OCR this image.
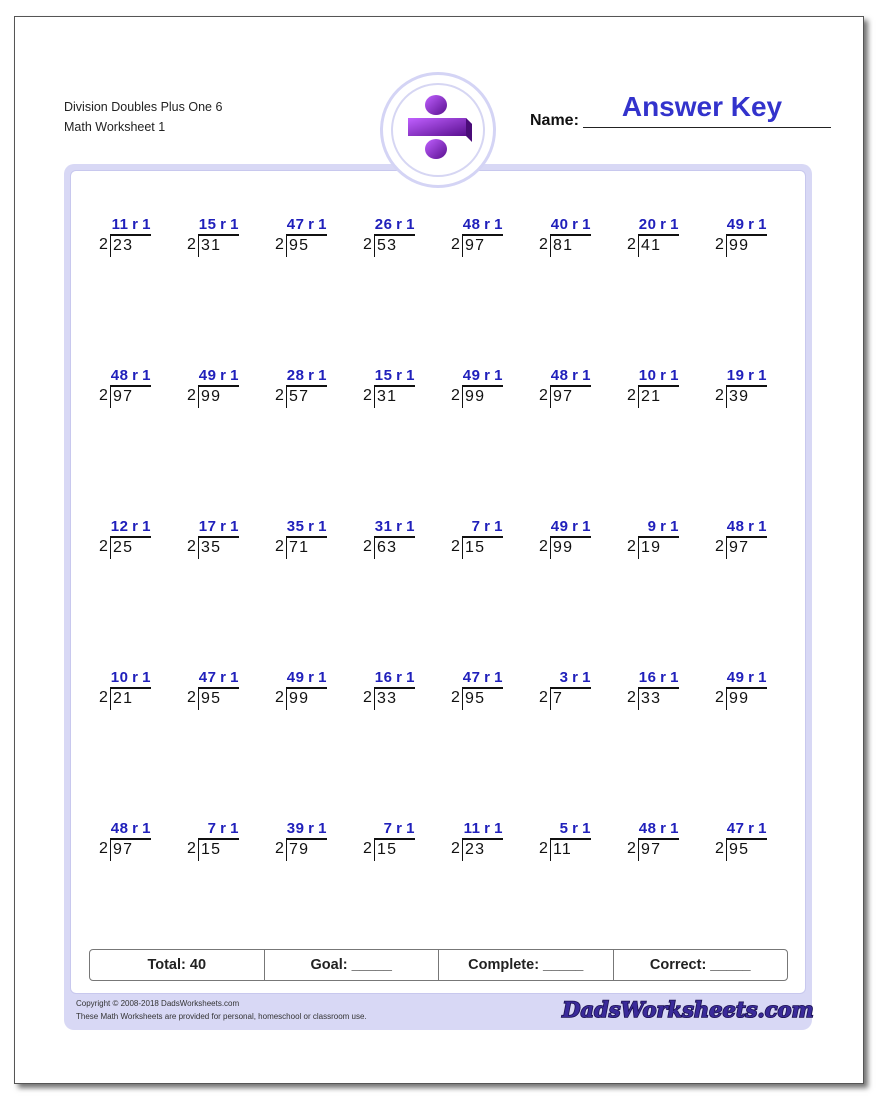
Division Doubles Plus One 6
Math Worksheet 1	Name:	Answer Key
11 r 1
2 23
15 r 1
2 31
47 r 1
2 95
26 r 1
2 53
48 r 1
2 97
40 r 1
2 81
20 r 1
2 41
49 r 1
2 99
48 r 1
2 97
49 r 1
2 99
28 r 1
2 57
15 r 1
2 31
49 r 1
2 99
48 r 1
2 97
10 r 1
2 21
19 r 1
2 39
12 r 1
2 25
17 r 1
2 35
35 r 1
2 71
31 r 1
2 63
7 r 1
2 15
49 r 1
2 99
9 r 1
2 19
48 r 1
2 97
10 r 1
2 21
47 r 1
2 95
49 r 1
2 99
16 r 1
2 33
47 r 1
2 95
3 r 1
2 7
16 r 1
2 33
49 r 1
2 99
48 r 1
2 97
7 r 1
2 15
39 r 1
2 79
7 r 1
2 15
11 r 1
2 23
5 r 1
2 11
48 r 1
2 97
47 r 1
2 95
Total: 40	Goal: _____	Complete: _____	Correct: _____
Copyright © 2008-2018 DadsWorksheets.com
These Math Worksheets are provided for personal, homeschool or classroom use.	DadsWorksheets.com
